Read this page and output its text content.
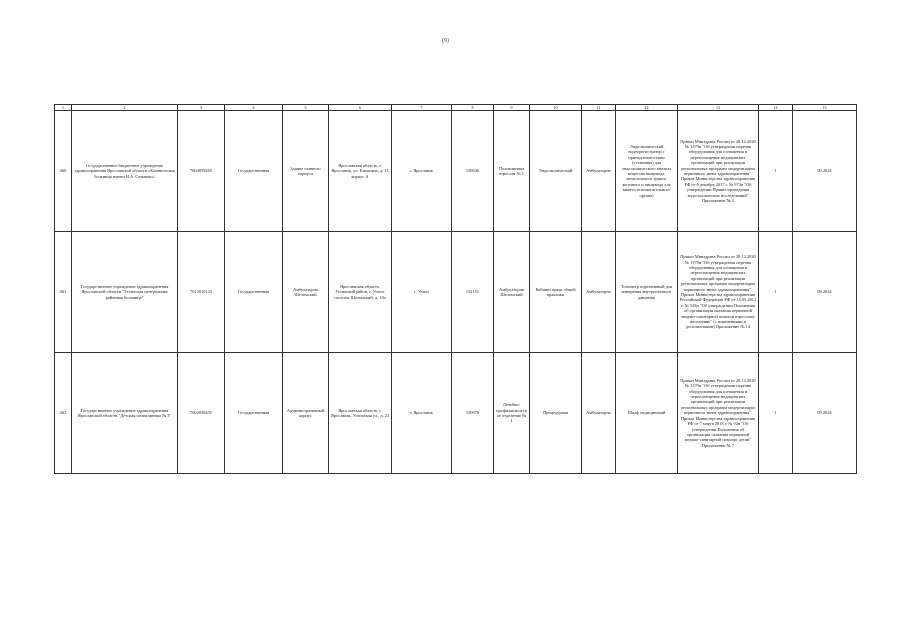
(9)
1	2	3	4	5	6	7	8	9	10	11	12	13	14	15
460	Государственное бюджетное учреждение здравоохранения Ярославской области «Клиническая больница имени Н.А. Семашко»	7604059265	Государственная	Здание главного корпуса	Ярославская область, г. Ярославль, ул. Емельяна, д. 13 корпус А	г. Ярославль	150036	Поликлиника взрослая № 1	Эндоскопический	Амбулаторно	Эндоскопический видеорегистратор с принадлежностями (установка) для эндоскопического анализа вещества пищевода, мочеполового тракта, желчного и пищевода для вашего вспомогательного органа)	Приказ Минздрава России от 28.12.2020 № 1379н "Об утверждении перечня оборудования для оснащения и переоснащения медицинских организаций при реализации региональных программ модернизации первичного звена здравоохранения". Приказ Министерства здравоохранения РФ от 6 декабря 2017 г. № 974н "Об утверждении Правил проведения эндоскопических исследований" Приложение № 2	1	09.2024
461	Государственное учреждение здравоохранения Ярославской области "Угличская центральная районная больница"	7612010133	Государственная	Амбулатория Шеломский	Ярославская область, Угличский район, г. Углич, поселок Шеломский, д. 10а	г. Углич	152151	Амбулатория Шеломский	Кабинет врача общей практики	Амбулаторно	Тонометр портативный для измерения внутриглазного давления	Приказ Минздрава России от 28.12.2020 № 1379н "Об утверждении перечня оборудования для оснащения и переоснащения медицинских организаций при реализации региональных программ модернизации первичного звена здравоохранения". Приказ Министерства здравоохранения Российской Федерации РФ от 15.05.2012 г. № 543н "Об утверждении Положения об организации оказания первичной медико-санитарной помощи взрослому населению" (с изменениями и дополнениями) Приложение № 14	1	09.2024
462	Государственное учреждение здравоохранения Ярославской области "Детская поликлиника № 3"	7602058435	Государственная	Административный корпус	Ярославская область, г. Ярославль, Угличская ул., д. 23	г. Ярославль	150076	Лечебно-профилактическое отделение № 1	Процедурная	Амбулаторно	Шкаф медицинский	Приказ Минздрава России от 28.12.2020 № 1379н "Об утверждении перечня оборудования для оснащения и переоснащения медицинских организаций при реализации региональных программ модернизации первичного звена здравоохранения". Приказ Министерства здравоохранения РФ от 7 марта 2018 г. № 92н "Об утверждении Положения об организации оказания первичной медико-санитарной помощи детям" Приложение № 7	1	09.2024
